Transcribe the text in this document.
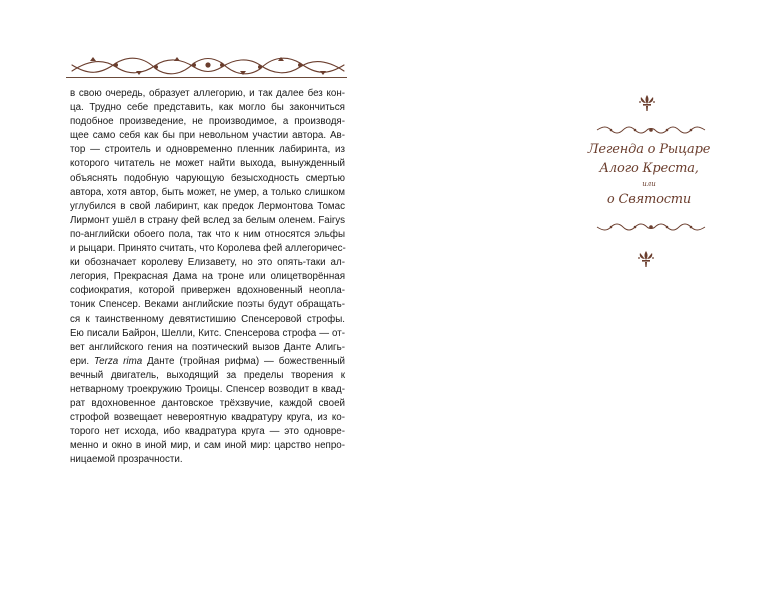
в свою очередь, образует аллегорию, и так далее без кон-
ца. Трудно себе представить, как могло бы закончиться
подобное произведение, не производимое, а производя-
щее само себя как бы при невольном участии автора. Ав-
тор — строитель и одновременно пленник лабиринта, из
которого читатель не может найти выхода, вынужденный
объяснять подобную чарующую безысходность смертью
автора, хотя автор, быть может, не умер, а только слишком
углубился в свой лабиринт, как предок Лермонтова Томас
Лирмонт ушёл в страну фей вслед за белым оленем. Fairys
по-английски обоего пола, так что к ним относятся эльфы
и рыцари. Принято считать, что Королева фей аллегоричес-
ки обозначает королеву Елизавету, но это опять-таки ал-
легория, Прекрасная Дама на троне или олицетворённая
софиократия, которой привержен вдохновенный неопла-
тоник Спенсер. Веками английские поэты будут обращать-
ся к таинственному девятистишию Спенсеровой строфы.
Ею писали Байрон, Шелли, Китс. Спенсерова строфа — от-
вет английского гения на поэтический вызов Данте Алигь-
ери. Terza rima Данте (тройная рифма) — божественный
вечный двигатель, выходящий за пределы творения к
нетварному троекружию Троицы. Спенсер возводит в квад-
рат вдохновенное дантовское трёхзвучие, каждой своей
строфой возвещает невероятную квадратуру круга, из ко-
торого нет исхода, ибо квадратура круга — это одновре-
менно и окно в иной мир, и сам иной мир: царство непро-
ницаемой прозрачности.
Легенда о Рыцаре
Алого Креста,
или
о Святости
